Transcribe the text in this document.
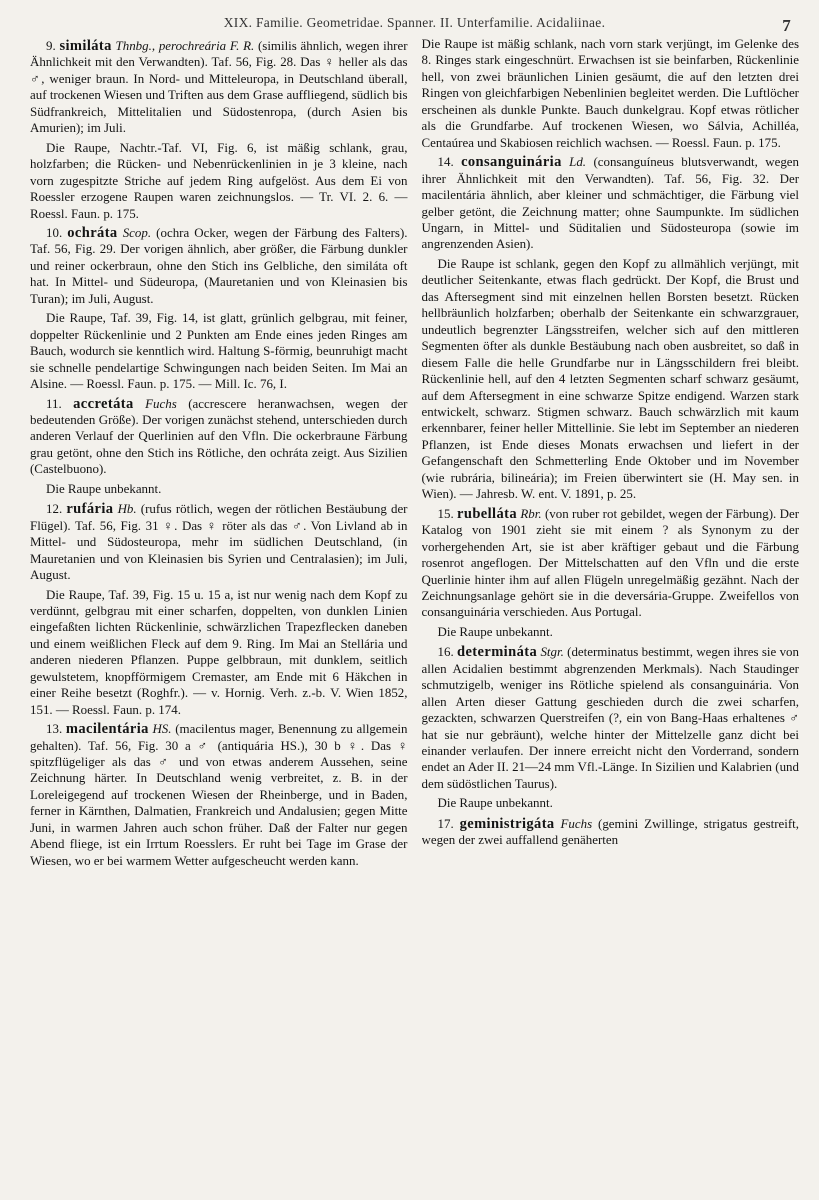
XIX. Familie. Geometridae. Spanner. II. Unterfamilie. Acidaliinae.	7

9. similáta Thnbg., perochreária F. R. (similis ähnlich, wegen ihrer Ähnlichkeit mit den Verwandten). Taf. 56, Fig. 28. Das ♀ heller als das ♂, weniger braun. In Nord- und Mitteleuropa, in Deutschland überall, auf trockenen Wiesen und Triften aus dem Grase auffliegend, südlich bis Südfrankreich, Mittelitalien und Südostenropa, (durch Asien bis Amurien); im Juli.

Die Raupe, Nachtr.-Taf. VI, Fig. 6, ist mäßig schlank, grau, holzfarben; die Rücken- und Nebenrückenlinien in je 3 kleine, nach vorn zugespitzte Striche auf jedem Ring aufgelöst. Aus dem Ei von Roessler erzogene Raupen waren zeichnungslos. — Tr. VI. 2. 6. — Roessl. Faun. p. 175.

10. ochráta Scop. (ochra Ocker, wegen der Färbung des Falters). Taf. 56, Fig. 29. Der vorigen ähnlich, aber größer, die Färbung dunkler und reiner ockerbraun, ohne den Stich ins Gelbliche, den similáta oft hat. In Mittel- und Südeuropa, (Mauretanien und von Kleinasien bis Turan); im Juli, August.

Die Raupe, Taf. 39, Fig. 14, ist glatt, grünlich gelbgrau, mit feiner, doppelter Rückenlinie und 2 Punkten am Ende eines jeden Ringes am Bauch, wodurch sie kenntlich wird. Haltung S-förmig, beunruhigt macht sie schnelle pendelartige Schwingungen nach beiden Seiten. Im Mai an Alsine. — Roessl. Faun. p. 175. — Mill. Ic. 76, I.

11. accretáta Fuchs (accrescere heranwachsen, wegen der bedeutenden Größe). Der vorigen zunächst stehend, unterschieden durch anderen Verlauf der Querlinien auf den Vfln. Die ockerbraune Färbung grau getönt, ohne den Stich ins Rötliche, den ochráta zeigt. Aus Sizilien (Castelbuono).

Die Raupe unbekannt.

12. rufária Hb. (rufus rötlich, wegen der rötlichen Bestäubung der Flügel). Taf. 56, Fig. 31 ♀. Das ♀ röter als das ♂. Von Livland ab in Mittel- und Südosteuropa, mehr im südlichen Deutschland, (in Mauretanien und von Kleinasien bis Syrien und Centralasien); im Juli, August.

Die Raupe, Taf. 39, Fig. 15 u. 15 a, ist nur wenig nach dem Kopf zu verdünnt, gelbgrau mit einer scharfen, doppelten, von dunklen Linien eingefaßten lichten Rückenlinie, schwärzlichen Trapezflecken daneben und einem weißlichen Fleck auf dem 9. Ring. Im Mai an Stellária und anderen niederen Pflanzen. Puppe gelbbraun, mit dunklem, seitlich gewulstetem, knopfförmigem Cremaster, am Ende mit 6 Häkchen in einer Reihe besetzt (Roghfr.). — v. Hornig. Verh. z.-b. V. Wien 1852, 151. — Roessl. Faun. p. 174.

13. macilentária HS. (macilentus mager, Benennung zu allgemein gehalten). Taf. 56, Fig. 30 a ♂ (antiquária HS.), 30 b ♀. Das ♀ spitzflügeliger als das ♂ und von etwas anderem Aussehen, seine Zeichnung härter. In Deutschland wenig verbreitet, z. B. in der Loreleigegend auf trockenen Wiesen der Rheinberge, und in Baden, ferner in Kärnthen, Dalmatien, Frankreich und Andalusien; gegen Mitte Juni, in warmen Jahren auch schon früher. Daß der Falter nur gegen Abend fliege, ist ein Irrtum Roesslers. Er ruht bei Tage im Grase der Wiesen, wo er bei warmem Wetter aufgescheucht werden kann.

Die Raupe ist mäßig schlank, nach vorn stark verjüngt, im Gelenke des 8. Ringes stark eingeschnürt. Erwachsen ist sie beinfarben, Rückenlinie hell, von zwei bräunlichen Linien gesäumt, die auf den letzten drei Ringen von gleichfarbigen Nebenlinien begleitet werden. Die Luftlöcher erscheinen als dunkle Punkte. Bauch dunkelgrau. Kopf etwas rötlicher als die Grundfarbe. Auf trockenen Wiesen, wo Sálvia, Achilléa, Centaúrea und Skabiosen reichlich wachsen. — Roessl. Faun. p. 175.

14. consanguinária Ld. (consanguíneus blutsverwandt, wegen ihrer Ähnlichkeit mit den Verwandten). Taf. 56, Fig. 32. Der macilentária ähnlich, aber kleiner und schmächtiger, die Färbung viel gelber getönt, die Zeichnung matter; ohne Saumpunkte. Im südlichen Ungarn, in Mittel- und Süditalien und Südosteuropa (sowie im angrenzenden Asien).

Die Raupe ist schlank, gegen den Kopf zu allmählich verjüngt, mit deutlicher Seitenkante, etwas flach gedrückt. Der Kopf, die Brust und das Aftersegment sind mit einzelnen hellen Borsten besetzt. Rücken hellbräunlich holzfarben; oberhalb der Seitenkante ein schwarzgrauer, undeutlich begrenzter Längsstreifen, welcher sich auf den mittleren Segmenten öfter als dunkle Bestäubung nach oben ausbreitet, so daß in diesem Falle die helle Grundfarbe nur in Längsschildern frei bleibt. Rückenlinie hell, auf den 4 letzten Segmenten scharf schwarz gesäumt, auf dem Aftersegment in eine schwarze Spitze endigend. Warzen stark entwickelt, schwarz. Stigmen schwarz. Bauch schwärzlich mit kaum erkennbarer, feiner heller Mittellinie. Sie lebt im September an niederen Pflanzen, ist Ende dieses Monats erwachsen und liefert in der Gefangenschaft den Schmetterling Ende Oktober und im November (wie rubrária, bilineária); im Freien überwintert sie (H. May sen. in Wien). — Jahresb. W. ent. V. 1891, p. 25.

15. rubelláta Rbr. (von ruber rot gebildet, wegen der Färbung). Der Katalog von 1901 zieht sie mit einem ? als Synonym zu der vorhergehenden Art, sie ist aber kräftiger gebaut und die Färbung rosenrot angeflogen. Der Mittelschatten auf den Vfln und die erste Querlinie hinter ihm auf allen Flügeln unregelmäßig gezähnt. Nach der Zeichnungsanlage gehört sie in die deversária-Gruppe. Zweifellos von consanguinária verschieden. Aus Portugal.

Die Raupe unbekannt.

16. determináta Stgr. (determinatus bestimmt, wegen ihres sie von allen Acidalien bestimmt abgrenzenden Merkmals). Nach Staudinger schmutzigelb, weniger ins Rötliche spielend als consanguinária. Von allen Arten dieser Gattung geschieden durch die zwei scharfen, gezackten, schwarzen Querstreifen (?, ein von Bang-Haas erhaltenes ♂ hat sie nur gebräunt), welche hinter der Mittelzelle ganz dicht bei einander verlaufen. Der innere erreicht nicht den Vorderrand, sondern endet an Ader II. 21—24 mm Vfl.-Länge. In Sizilien und Kalabrien (und dem südöstlichen Taurus).

Die Raupe unbekannt.

17. geministrigáta Fuchs (gemini Zwillinge, strigatus gestreift, wegen der zwei auffallend genäherten
